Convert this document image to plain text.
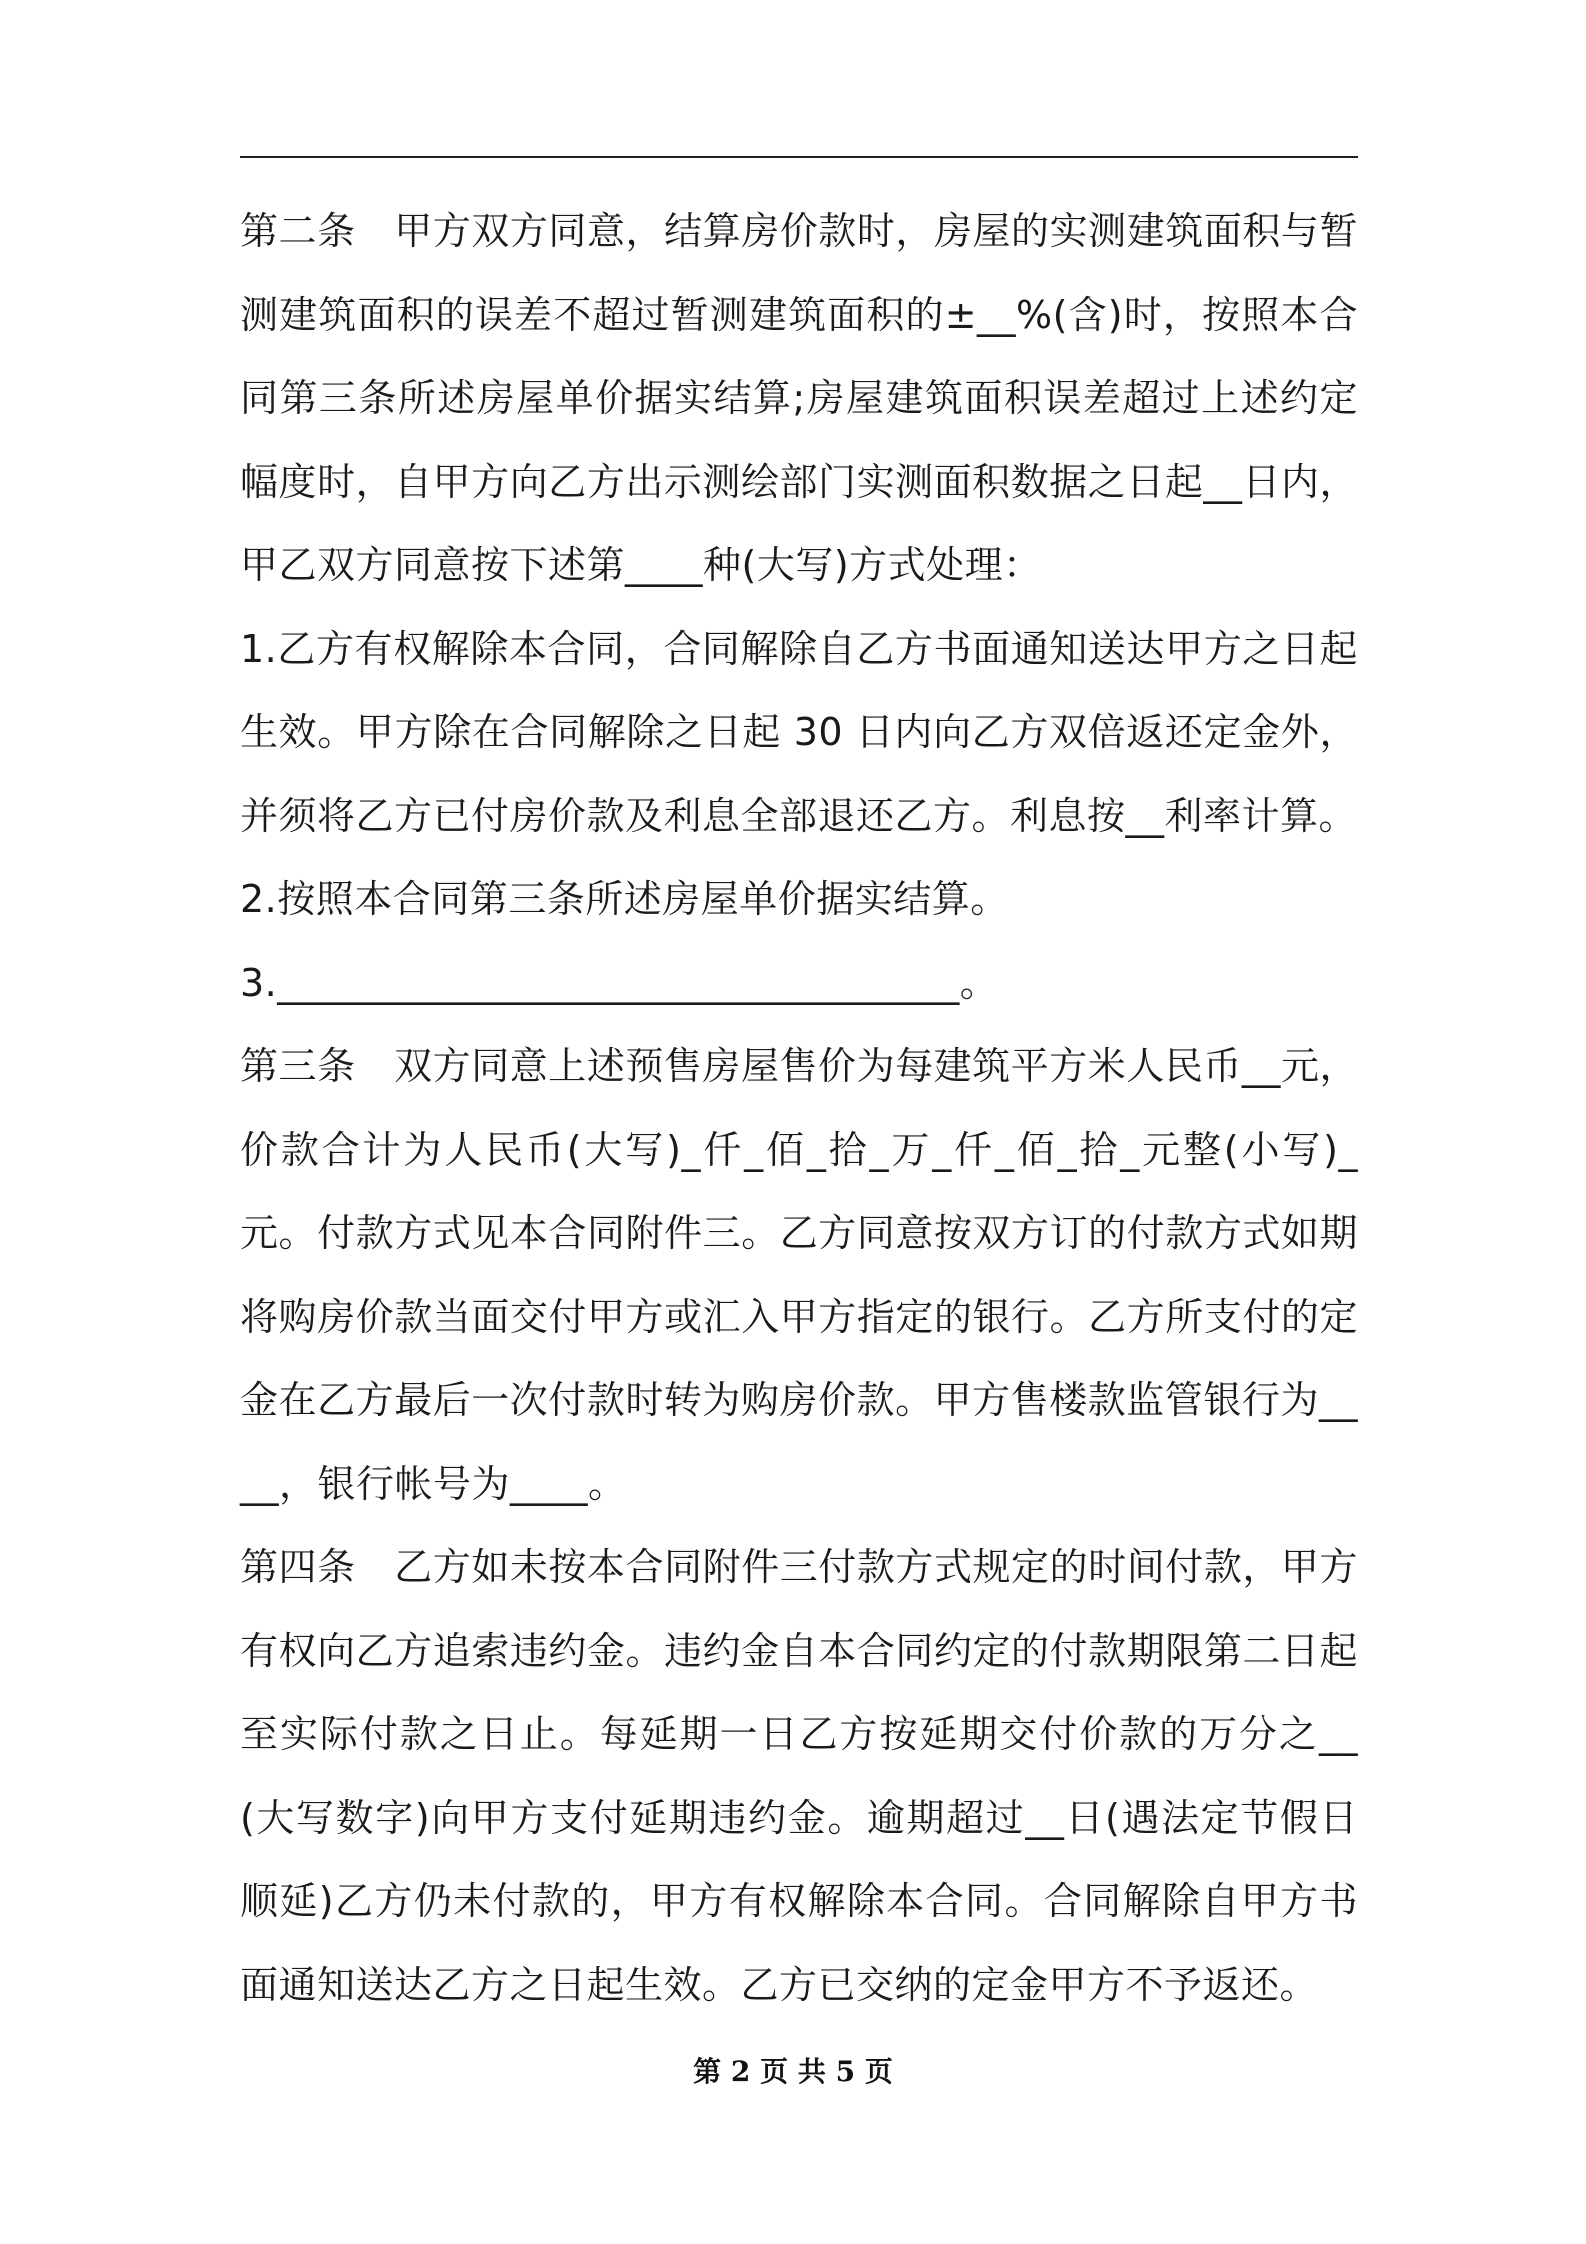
第二条　甲方双方同意，结算房价款时，房屋的实测建筑面积与暂测建筑面积的误差不超过暂测建筑面积的±__%(含)时，按照本合同第三条所述房屋单价据实结算;房屋建筑面积误差超过上述约定幅度时，自甲方向乙方出示测绘部门实测面积数据之日起__日内，甲乙双方同意按下述第____种(大写)方式处理：

1.乙方有权解除本合同，合同解除自乙方书面通知送达甲方之日起生效。甲方除在合同解除之日起 30 日内向乙方双倍返还定金外，并须将乙方已付房价款及利息全部退还乙方。利息按__利率计算。

2.按照本合同第三条所述房屋单价据实结算。

3.___________________________________。

第三条　双方同意上述预售房屋售价为每建筑平方米人民币__元，价款合计为人民币(大写)_仟_佰_拾_万_仟_佰_拾_元整(小写)_元。付款方式见本合同附件三。乙方同意按双方订的付款方式如期将购房价款当面交付甲方或汇入甲方指定的银行。乙方所支付的定金在乙方最后一次付款时转为购房价款。甲方售楼款监管银行为____，银行帐号为____。

第四条　乙方如未按本合同附件三付款方式规定的时间付款，甲方有权向乙方追索违约金。违约金自本合同约定的付款期限第二日起至实际付款之日止。每延期一日乙方按延期交付价款的万分之__(大写数字)向甲方支付延期违约金。逾期超过__日(遇法定节假日顺延)乙方仍未付款的，甲方有权解除本合同。合同解除自甲方书面通知送达乙方之日起生效。乙方已交纳的定金甲方不予返还。

第 2 页 共 5 页
